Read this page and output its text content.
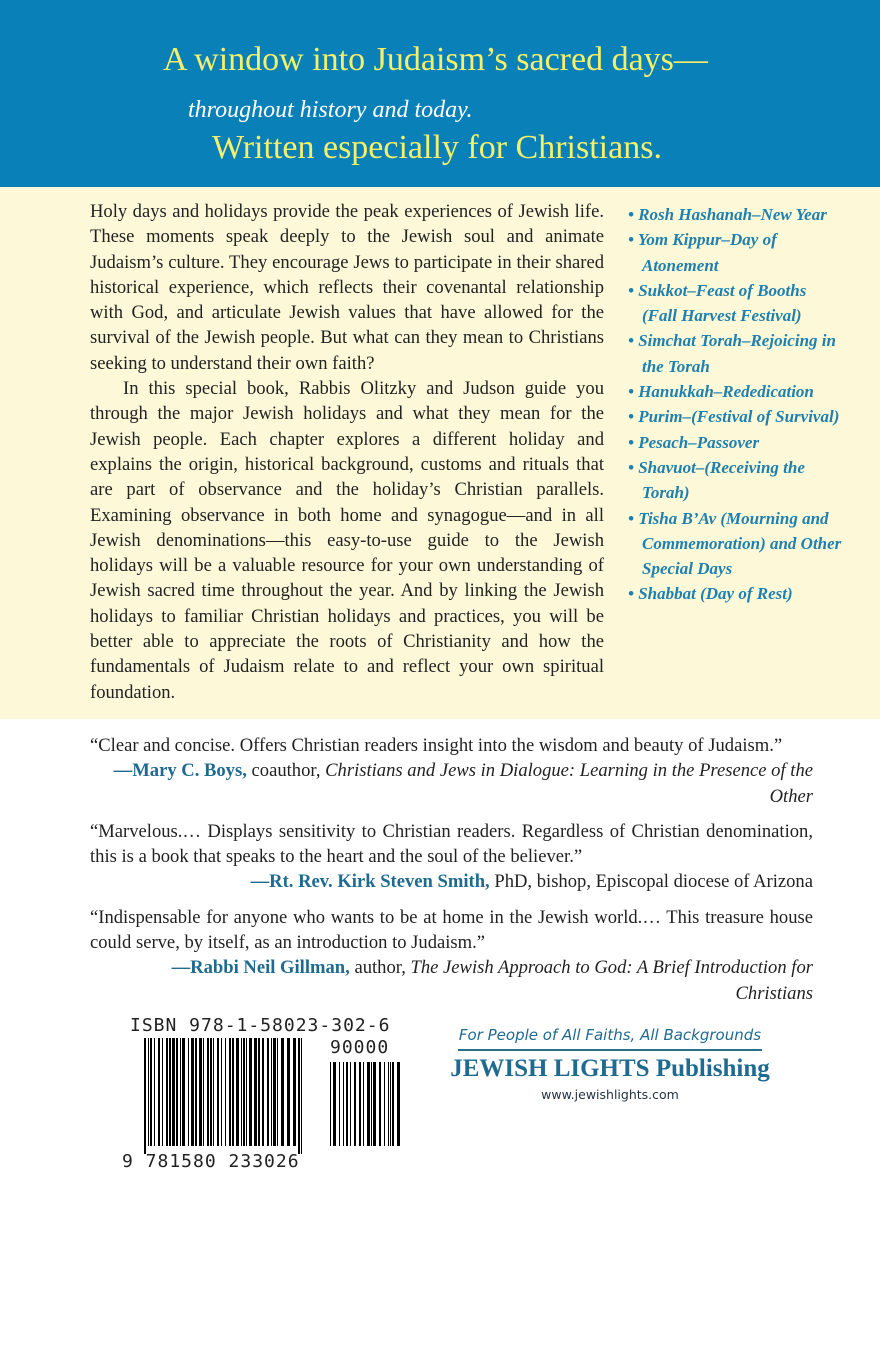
A window into Judaism’s sacred days—
throughout history and today.
Written especially for Christians.

Holy days and holidays provide the peak experiences of Jewish life. These moments speak deeply to the Jewish soul and animate Judaism’s culture. They encourage Jews to participate in their shared historical experience, which reflects their covenantal relationship with God, and articulate Jewish values that have allowed for the survival of the Jewish people. But what can they mean to Christians seeking to understand their own faith?

In this special book, Rabbis Olitzky and Judson guide you through the major Jewish holidays and what they mean for the Jewish people. Each chapter explores a different holiday and explains the origin, historical background, customs and rituals that are part of observance and the holiday’s Christian parallels. Examining observance in both home and synagogue—and in all Jewish denominations—this easy-to-use guide to the Jewish holidays will be a valuable resource for your own understanding of Jewish sacred time throughout the year. And by linking the Jewish holidays to familiar Christian holidays and practices, you will be better able to appreciate the roots of Christianity and how the fundamentals of Judaism relate to and reflect your own spiritual foundation.

• Rosh Hashanah–New Year
• Yom Kippur–Day of Atonement
• Sukkot–Feast of Booths (Fall Harvest Festival)
• Simchat Torah–Rejoicing in the Torah
• Hanukkah–Rededication
• Purim–(Festival of Survival)
• Pesach–Passover
• Shavuot–(Receiving the Torah)
• Tisha B’Av (Mourning and Commemoration) and Other Special Days
• Shabbat (Day of Rest)
“Clear and concise. Offers Christian readers insight into the wisdom and beauty of Judaism.”
—Mary C. Boys, coauthor, Christians and Jews in Dialogue: Learning in the Presence of the Other
“Marvelous.… Displays sensitivity to Christian readers. Regardless of Christian denomination, this is a book that speaks to the heart and the soul of the believer.”
—Rt. Rev. Kirk Steven Smith, PhD, bishop, Episcopal diocese of Arizona
“Indispensable for anyone who wants to be at home in the Jewish world.… This treasure house could serve, by itself, as an introduction to Judaism.”
—Rabbi Neil Gillman, author, The Jewish Approach to God: A Brief Introduction for Christians
ISBN 978-1-58023-302-6
90000
9 781580 233026
For People of All Faiths, All Backgrounds
JEWISH LIGHTS Publishing
www.jewishlights.com
